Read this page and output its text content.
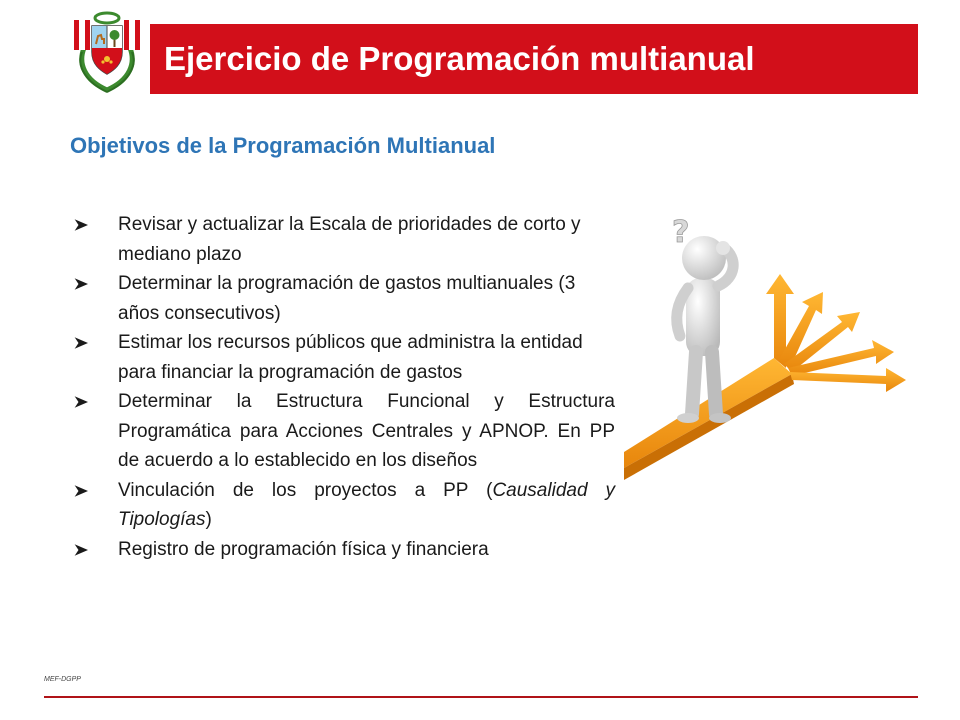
Ejercicio de Programación multianual
Objetivos de la Programación Multianual
Revisar y actualizar la Escala de prioridades de corto y mediano plazo
Determinar la programación de gastos multianuales (3 años consecutivos)
Estimar los recursos públicos que administra la entidad para financiar la programación de gastos
Determinar la Estructura Funcional y Estructura Programática para Acciones Centrales y APNOP. En PP de acuerdo a lo establecido en los diseños
Vinculación de los proyectos a PP (Causalidad y Tipologías)
Registro de programación física y financiera
?
MEF-DGPP
